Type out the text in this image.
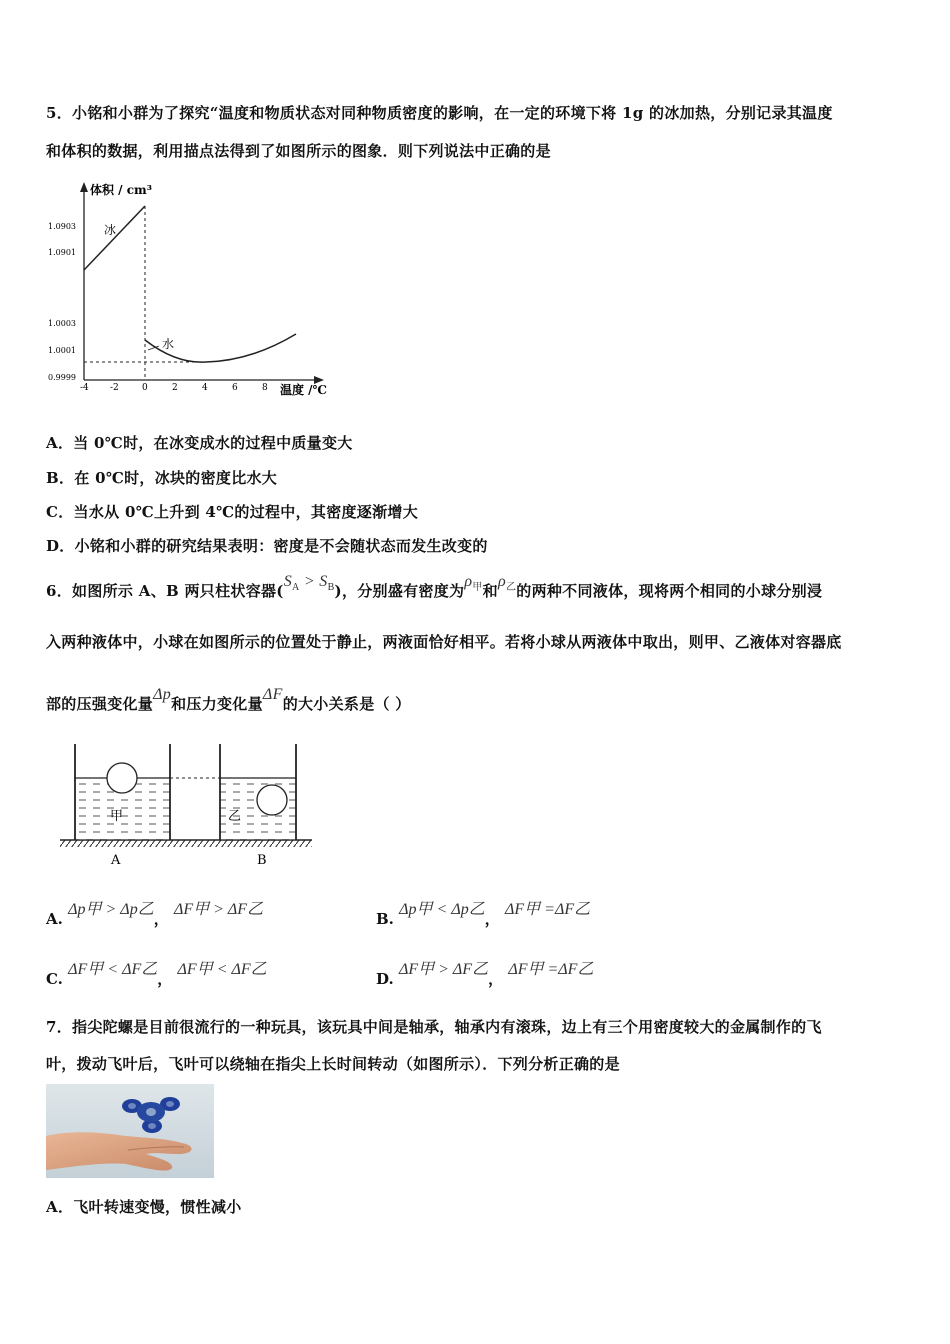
5．小铭和小群为了探究“温度和物质状态对同种物质密度的影响，在一定的环境下将 1g 的冰加热，分别记录其温度
和体积的数据，利用描点法得到了如图所示的图象．则下列说法中正确的是
体积 / cm³
温度 /℃
1.0903
1.0901
1.0003
1.0001
0.9999
-4 -2	0	2	4	6	8
冰
水
A．当 0℃时，在冰变成水的过程中质量变大
B．在 0℃时，冰块的密度比水大
C．当水从 0℃上升到 4℃的过程中，其密度逐渐增大
D．小铭和小群的研究结果表明：密度是不会随状态而发生改变的
6．如图所示 A、B 两只柱状容器$(S_A > S_B)$，分别盛有密度为$\rho_甲$和$\rho_乙$的两种不同液体，现将两个相同的小球分别浸
入两种液体中，小球在如图所示的位置处于静止，两液面恰好相平。若将小球从两液体中取出，则甲、乙液体对容器底
部的压强变化量Δp和压力变化量ΔF的大小关系是（ ）
甲	乙
A	B
A. Δp甲 > Δp乙， ΔF甲 > ΔF乙
B. Δp甲 < Δp乙， ΔF甲 =ΔF乙
C. ΔF甲 < ΔF乙， ΔF甲 < ΔF乙
D. ΔF甲 > ΔF乙， ΔF甲 =ΔF乙
7．指尖陀螺是目前很流行的一种玩具，该玩具中间是轴承，轴承内有滚珠，边上有三个用密度较大的金属制作的飞
叶，拨动飞叶后，飞叶可以绕轴在指尖上长时间转动（如图所示）．下列分析正确的是
A．飞叶转速变慢，惯性减小
